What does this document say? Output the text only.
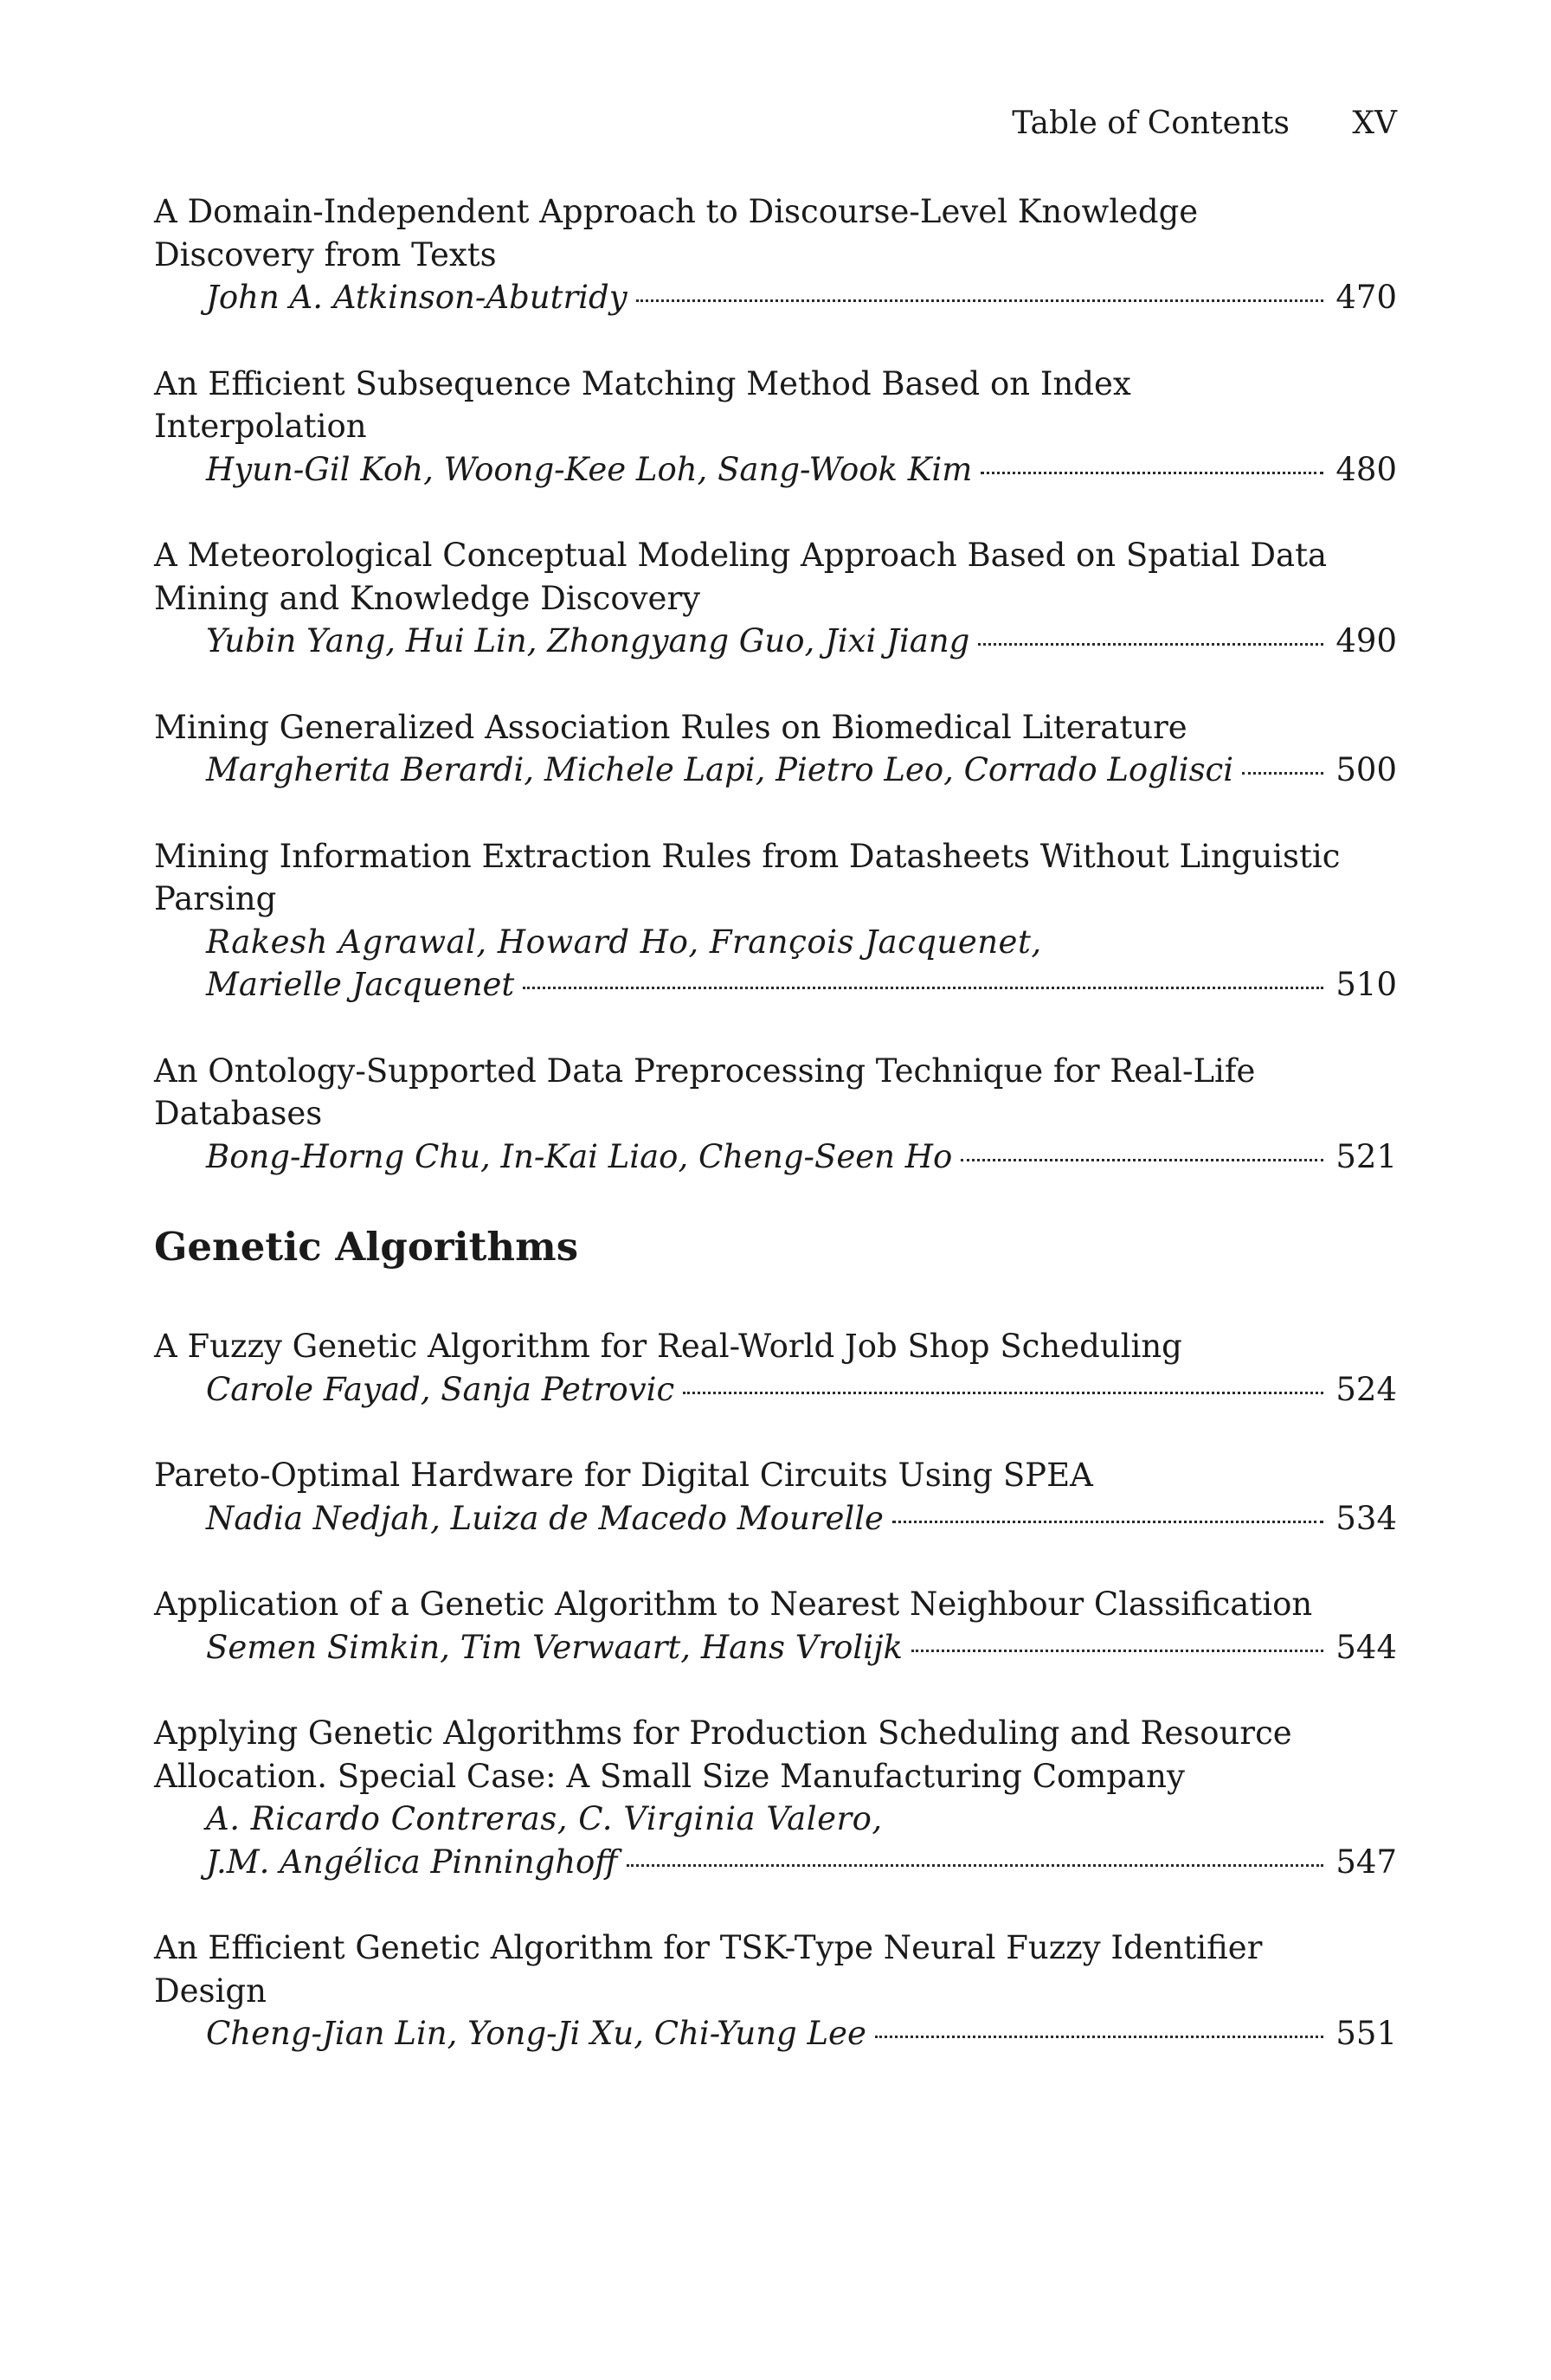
Table of Contents XV
A Domain-Independent Approach to Discourse-Level Knowledge Discovery from Texts
John A. Atkinson-Abutridy	470
An Efficient Subsequence Matching Method Based on Index Interpolation
Hyun-Gil Koh, Woong-Kee Loh, Sang-Wook Kim	480
A Meteorological Conceptual Modeling Approach Based on Spatial Data Mining and Knowledge Discovery
Yubin Yang, Hui Lin, Zhongyang Guo, Jixi Jiang	490
Mining Generalized Association Rules on Biomedical Literature
Margherita Berardi, Michele Lapi, Pietro Leo, Corrado Loglisci	500
Mining Information Extraction Rules from Datasheets Without Linguistic Parsing
Rakesh Agrawal, Howard Ho, François Jacquenet,
Marielle Jacquenet	510
An Ontology-Supported Data Preprocessing Technique for Real-Life Databases
Bong-Horng Chu, In-Kai Liao, Cheng-Seen Ho	521
Genetic Algorithms
A Fuzzy Genetic Algorithm for Real-World Job Shop Scheduling
Carole Fayad, Sanja Petrovic	524
Pareto-Optimal Hardware for Digital Circuits Using SPEA
Nadia Nedjah, Luiza de Macedo Mourelle	534
Application of a Genetic Algorithm to Nearest Neighbour Classification
Semen Simkin, Tim Verwaart, Hans Vrolijk	544
Applying Genetic Algorithms for Production Scheduling and Resource Allocation. Special Case: A Small Size Manufacturing Company
A. Ricardo Contreras, C. Virginia Valero,
J.M. Angélica Pinninghoff	547
An Efficient Genetic Algorithm for TSK-Type Neural Fuzzy Identifier Design
Cheng-Jian Lin, Yong-Ji Xu, Chi-Yung Lee	551
